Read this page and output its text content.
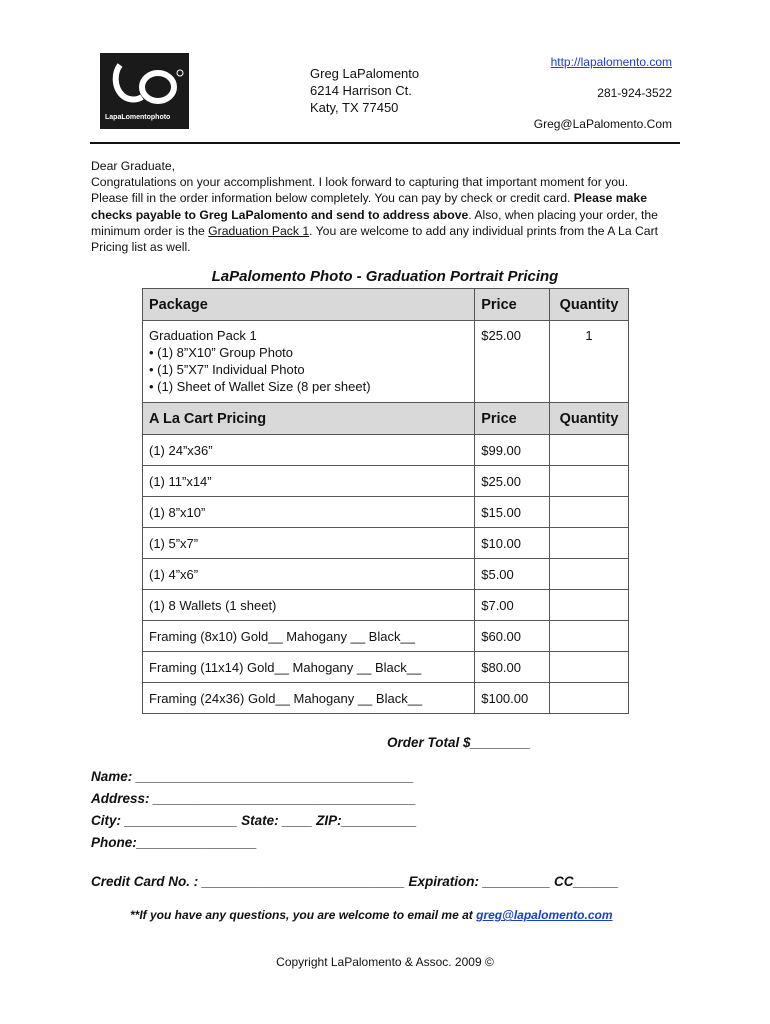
LapaLomentophoto
Greg LaPalomento
6214 Harrison Ct.
Katy, TX 77450
http://lapalomento.com
281-924-3522
Greg@LaPalomento.Com
Dear Graduate,
Congratulations on your accomplishment. I look forward to capturing that important moment for you.
Please fill in the order information below completely. You can pay by check or credit card. Please make checks payable to Greg LaPalomento and send to address above. Also, when placing your order, the minimum order is the Graduation Pack 1. You are welcome to add any individual prints from the A La Cart Pricing list as well.
LaPalomento Photo - Graduation Portrait Pricing
Package	Price	Quantity

Graduation Pack 1
• (1) 8”X10” Group Photo
• (1) 5”X7” Individual Photo
• (1) Sheet of Wallet Size (8 per sheet)	$25.00	1
A La Cart Pricing	Price	Quantity
(1) 24”x36”	$99.00	
(1) 11”x14”	$25.00	
(1) 8”x10”	$15.00	
(1) 5”x7”	$10.00	
(1) 4”x6”	$5.00	
(1) 8 Wallets (1 sheet)	$7.00	
Framing (8x10) Gold__ Mahogany __ Black__	$60.00	
Framing (11x14) Gold__ Mahogany __ Black__	$80.00	
Framing (24x36) Gold__ Mahogany __ Black__	$100.00	
Order Total $________
Name: _____________________________________
Address: ___________________________________
City: _______________ State: ____ ZIP:__________
Phone:________________
Credit Card No. : ___________________________ Expiration: _________ CC______
**If you have any questions, you are welcome to email me at greg@lapalomento.com
Copyright LaPalomento & Assoc. 2009 ©
